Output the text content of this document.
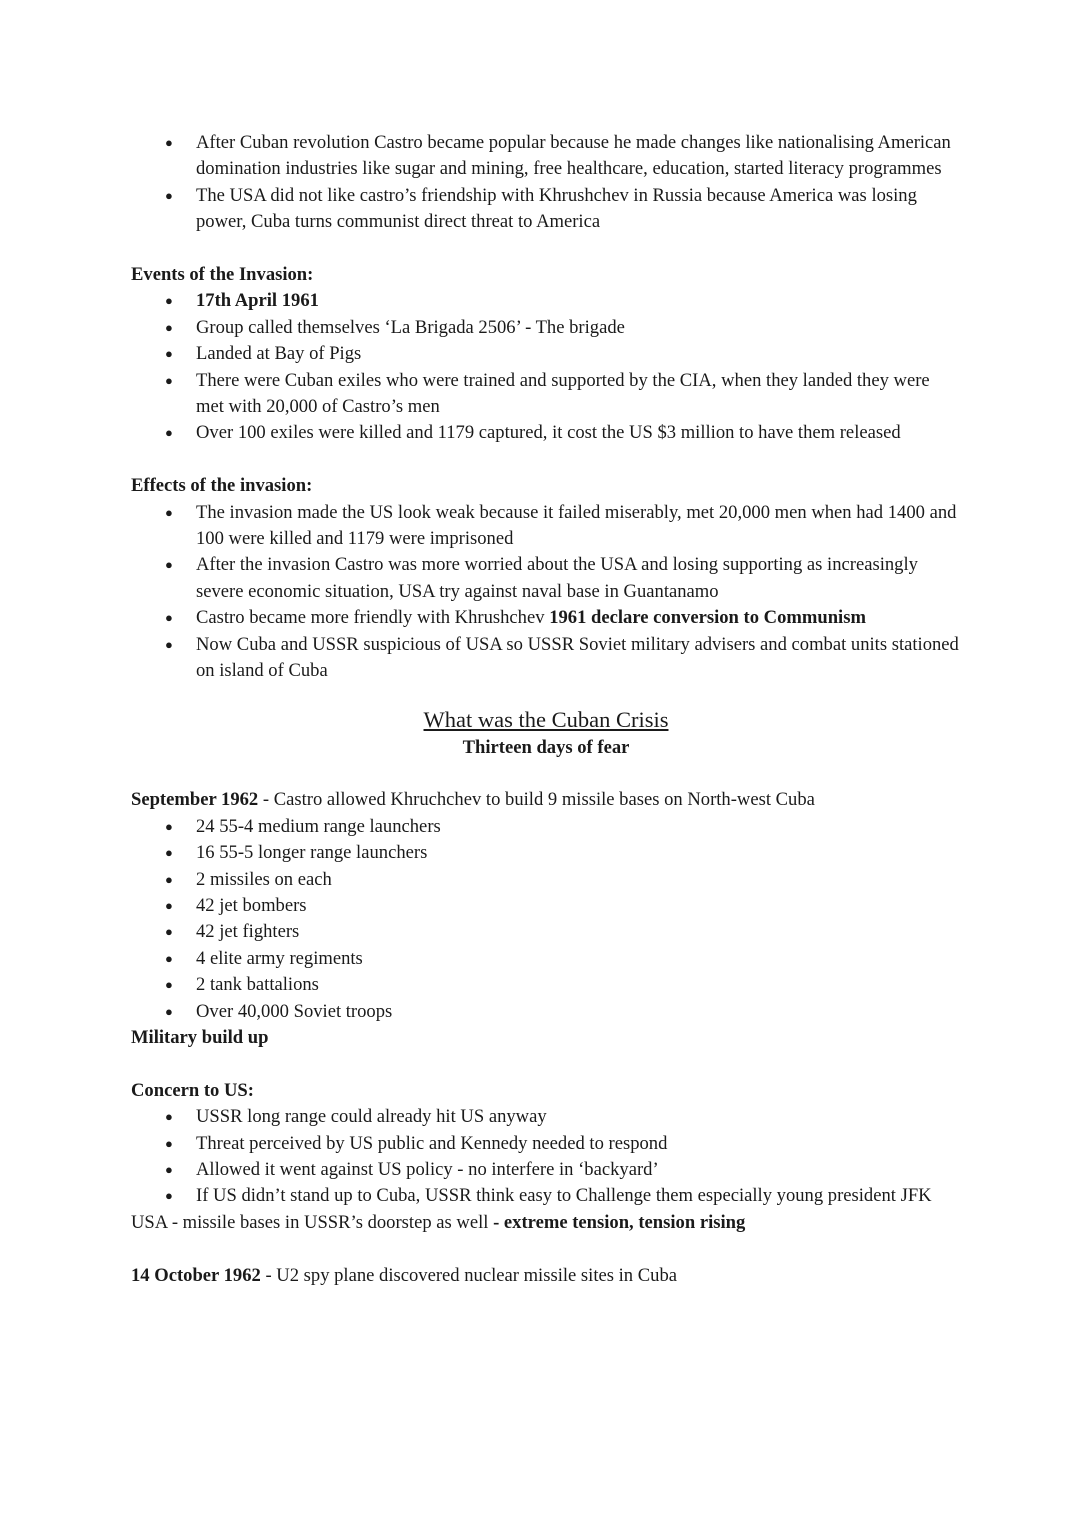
● After Cuban revolution Castro became popular because he made changes like nationalising American domination industries like sugar and mining, free healthcare, education, started literacy programmes
● The USA did not like castro’s friendship with Khrushchev in Russia because America was losing power, Cuba turns communist direct threat to America
Events of the Invasion:
● 17th April 1961
● Group called themselves ‘La Brigada 2506’ - The brigade
● Landed at Bay of Pigs
● There were Cuban exiles who were trained and supported by the CIA, when they landed they were met with 20,000 of Castro’s men
● Over 100 exiles were killed and 1179 captured, it cost the US $3 million to have them released
Effects of the invasion:
● The invasion made the US look weak because it failed miserably, met 20,000 men when had 1400 and 100 were killed and 1179 were imprisoned
● After the invasion Castro was more worried about the USA and losing supporting as increasingly severe economic situation, USA try against naval base in Guantanamo
● Castro became more friendly with Khrushchev 1961 declare conversion to Communism
● Now Cuba and USSR suspicious of USA so USSR Soviet military advisers and combat units stationed on island of Cuba
What was the Cuban Crisis
Thirteen days of fear
September 1962 - Castro allowed Khruchchev to build 9 missile bases on North-west Cuba
● 24 55-4 medium range launchers
● 16 55-5 longer range launchers
● 2 missiles on each
● 42 jet bombers
● 42 jet fighters
● 4 elite army regiments
● 2 tank battalions
● Over 40,000 Soviet troops
Military build up
Concern to US:
● USSR long range could already hit US anyway
● Threat perceived by US public and Kennedy needed to respond
● Allowed it went against US policy - no interfere in ‘backyard’
● If US didn’t stand up to Cuba, USSR think easy to Challenge them especially young president JFK
USA - missile bases in USSR’s doorstep as well - extreme tension, tension rising
14 October 1962 - U2 spy plane discovered nuclear missile sites in Cuba
